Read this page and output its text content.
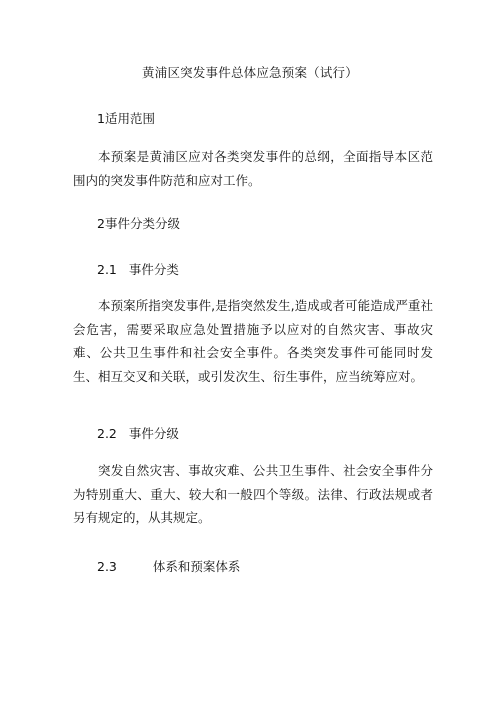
黄浦区突发事件总体应急预案（试行）
1适用范围
本预案是黄浦区应对各类突发事件的总纲，全面指导本区范围内的突发事件防范和应对工作。
2事件分类分级
2.1 事件分类
本预案所指突发事件,是指突然发生,造成或者可能造成严重社会危害，需要采取应急处置措施予以应对的自然灾害、事故灾难、公共卫生事件和社会安全事件。各类突发事件可能同时发生、相互交叉和关联，或引发次生、衍生事件，应当统筹应对。
2.2 事件分级
突发自然灾害、事故灾难、公共卫生事件、社会安全事件分为特别重大、重大、较大和一般四个等级。法律、行政法规或者另有规定的，从其规定。
2.3	体系和预案体系
